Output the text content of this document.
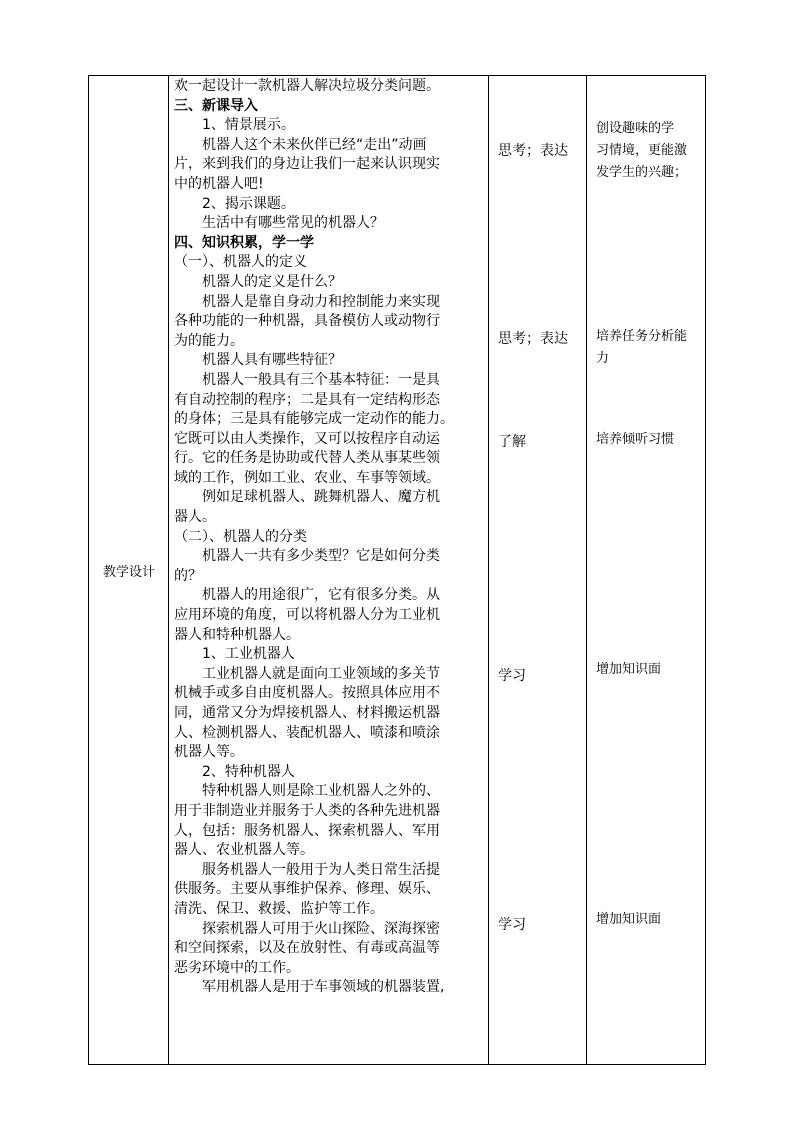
教学设计
欢一起设计一款机器人解决垃圾分类问题。
三、新课导入
1、情景展示。
机器人这个未来伙伴已经“走出”动画
片，来到我们的身边让我们一起来认识现实
中的机器人吧!
2、揭示课题。
生活中有哪些常见的机器人？
四、知识积累，学一学
（一）、机器人的定义
机器人的定义是什么？
机器人是靠自身动力和控制能力来实现
各种功能的一种机器，具备模仿人或动物行
为的能力。
机器人具有哪些特征？
机器人一般具有三个基本特征：一是具
有自动控制的程序；二是具有一定结构形态
的身体；三是具有能够完成一定动作的能力。
它既可以由人类操作，又可以按程序自动运
行。它的任务是协助或代替人类从事某些领
域的工作，例如工业、农业、车事等领域。
例如足球机器人、跳舞机器人、魔方机
器人。
（二）、机器人的分类
机器人一共有多少类型？它是如何分类
的？
机器人的用途很广，它有很多分类。从
应用环境的角度，可以将机器人分为工业机
器人和特种机器人。
1、工业机器人
工业机器人就是面向工业领域的多关节
机械手或多自由度机器人。按照具体应用不
同，通常又分为焊接机器人、材料搬运机器
人、检测机器人、装配机器人、喷漆和喷涂
机器人等。
2、特种机器人
特种机器人则是除工业机器人之外的、
用于非制造业并服务于人类的各种先进机器
人，包括：服务机器人、探索机器人、军用
器人、农业机器人等。
服务机器人一般用于为人类日常生活提
供服务。主要从事维护保养、修理、娱乐、
清洗、保卫、救援、监护等工作。
探索机器人可用于火山探险、深海探密
和空间探索，以及在放射性、有毒或高温等
恶劣环境中的工作。
军用机器人是用于车事领域的机器装置,
思考；表达
思考；表达
了解
学习
学习
创设趣味的学
习情境，更能激
发学生的兴趣；
培养任务分析能
力
培养倾听习惯
增加知识面
增加知识面
